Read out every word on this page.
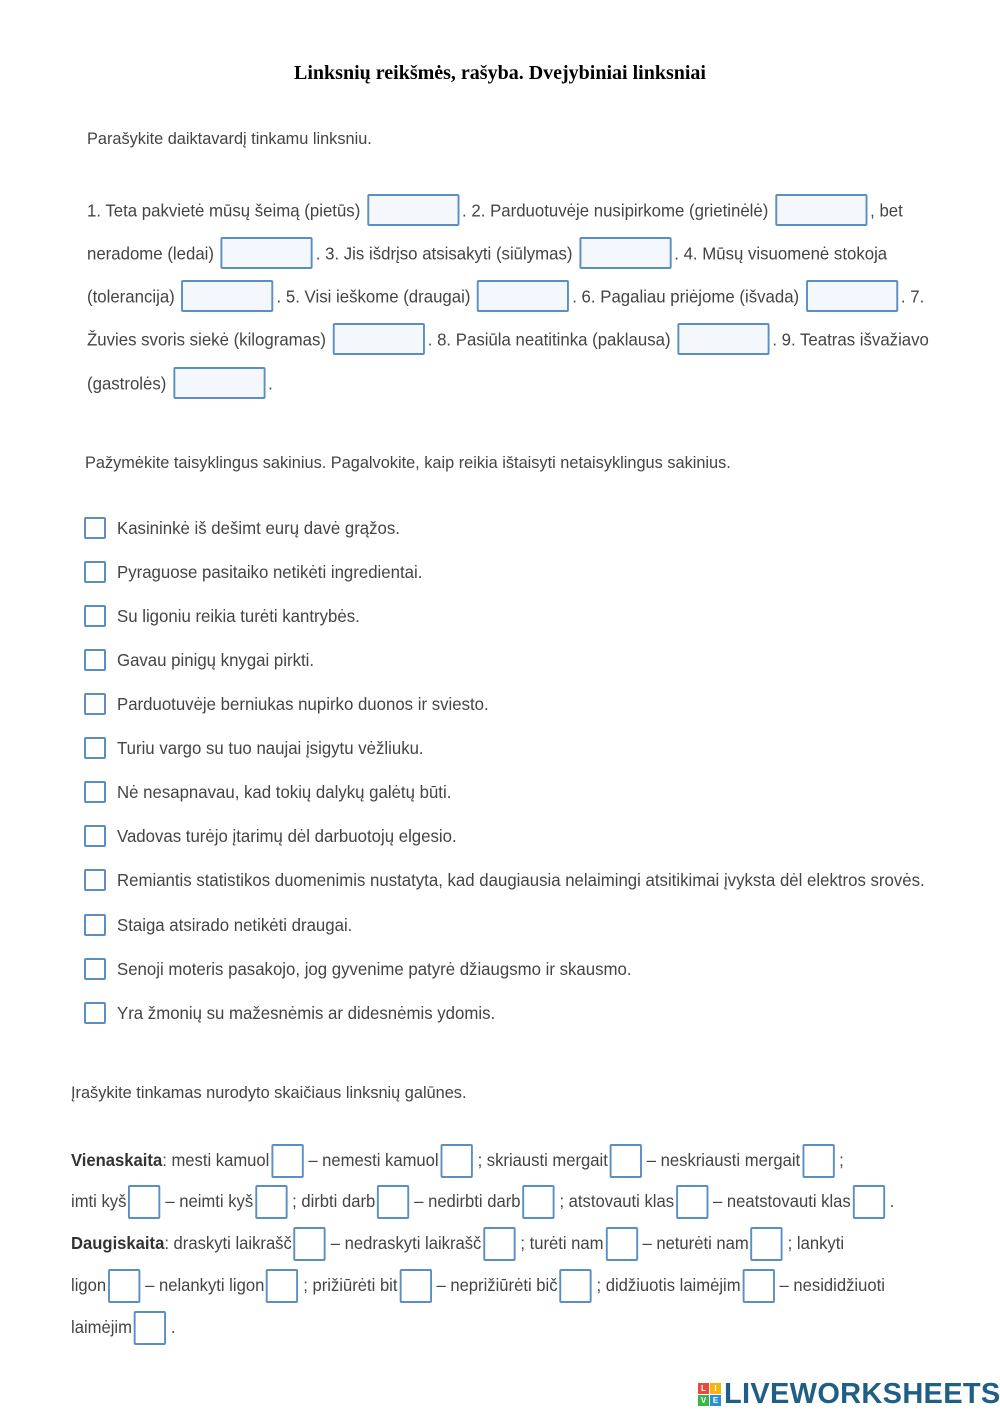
Linksnių reikšmės, rašyba. Dvejybiniai linksniai
Parašykite daiktavardį tinkamu linksniu.
1. Teta pakvietė mūsų šeimą (pietūs)	. 2. Parduotuvėje nusipirkome (grietinėlė)	, bet
neradome (ledai)	. 3. Jis išdrįso atsisakyti (siūlymas)	. 4. Mūsų visuomenė stokoja
(tolerancija)	. 5. Visi ieškome (draugai)	. 6. Pagaliau priėjome (išvada)	. 7.
Žuvies svoris siekė (kilogramas)	. 8. Pasiūla neatitinka (paklausa)	. 9. Teatras išvažiavo
(gastrolės)	.
Pažymėkite taisyklingus sakinius. Pagalvokite, kaip reikia ištaisyti netaisyklingus sakinius.
Kasininkė iš dešimt eurų davė grąžos.
Pyraguose pasitaiko netikėti ingredientai.
Su ligoniu reikia turėti kantrybės.
Gavau pinigų knygai pirkti.
Parduotuvėje berniukas nupirko duonos ir sviesto.
Turiu vargo su tuo naujai įsigytu vėžliuku.
Nė nesapnavau, kad tokių dalykų galėtų būti.
Vadovas turėjo įtarimų dėl darbuotojų elgesio.
Remiantis statistikos duomenimis nustatyta, kad daugiausia nelaimingi atsitikimai įvyksta dėl elektros srovės.
Staiga atsirado netikėti draugai.
Senoji moteris pasakojo, jog gyvenime patyrė džiaugsmo ir skausmo.
Yra žmonių su mažesnėmis ar didesnėmis ydomis.
Įrašykite tinkamas nurodyto skaičiaus linksnių galūnes.
Vienaskaita: mesti kamuol – nemesti kamuol ; skriausti mergait – neskriausti mergait ;
imti kyš – neimti kyš ; dirbti darb – nedirbti darb ; atstovauti klas – neatstovauti klas .
Daugiskaita: draskyti laikrašč – nedraskyti laikrašč ; turėti nam – neturėti nam ; lankyti
ligon – nelankyti ligon ; prižiūrėti bit – neprižiūrėti bič ; didžiuotis laimėjim – nesididžiuoti
laimėjim .
L	I
V E LIVEWORKSHEETS
